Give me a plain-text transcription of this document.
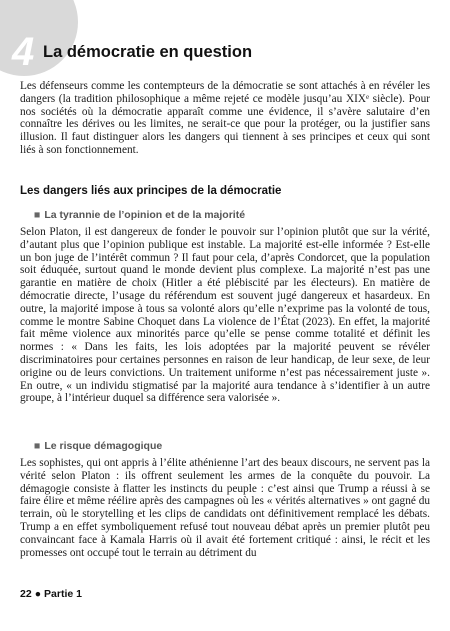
4 La démocratie en question

Les défenseurs comme les contempteurs de la démocratie se sont attachés à en révéler les dangers (la tradition philosophique a même rejeté ce modèle jusqu’au XIXᵉ siècle). Pour nos sociétés où la démocratie apparaît comme une évidence, il s’avère salutaire d’en connaître les dérives ou les limites, ne serait-ce que pour la protéger, ou la justifier sans illusion. Il faut distinguer alors les dangers qui tiennent à ses principes et ceux qui sont liés à son fonctionnement.

Les dangers liés aux principes de la démocratie
■ La tyrannie de l’opinion et de la majorité

Selon Platon, il est dangereux de fonder le pouvoir sur l’opinion plutôt que sur la vérité, d’autant plus que l’opinion publique est instable. La majorité est-elle informée ? Est-elle un bon juge de l’intérêt commun ? Il faut pour cela, d’après Condorcet, que la population soit éduquée, surtout quand le monde devient plus complexe. La majorité n’est pas une garantie en matière de choix (Hitler a été plébiscité par les électeurs). En matière de démocratie directe, l’usage du référendum est souvent jugé dangereux et hasardeux. En outre, la majorité impose à tous sa volonté alors qu’elle n’exprime pas la volonté de tous, comme le montre Sabine Choquet dans La violence de l’État (2023). En effet, la majorité fait même violence aux minorités parce qu’elle se pense comme totalité et définit les normes : « Dans les faits, les lois adoptées par la majorité peuvent se révéler discriminatoires pour certaines personnes en raison de leur handicap, de leur sexe, de leur origine ou de leurs convictions. Un traitement uniforme n’est pas nécessairement juste ». En outre, « un individu stigmatisé par la majorité aura tendance à s’identifier à un autre groupe, à l’intérieur duquel sa différence sera valorisée ».

■ Le risque démagogique

Les sophistes, qui ont appris à l’élite athénienne l’art des beaux discours, ne servent pas la vérité selon Platon : ils offrent seulement les armes de la conquête du pouvoir. La démagogie consiste à flatter les instincts du peuple : c’est ainsi que Trump a réussi à se faire élire et même réélire après des campagnes où les « vérités alternatives » ont gagné du terrain, où le storytelling et les clips de candidats ont définitivement remplacé les débats. Trump a en effet symboliquement refusé tout nouveau débat après un premier plutôt peu convaincant face à Kamala Harris où il avait été fortement critiqué : ainsi, le récit et les promesses ont occupé tout le terrain au détriment du

22 ● Partie 1
